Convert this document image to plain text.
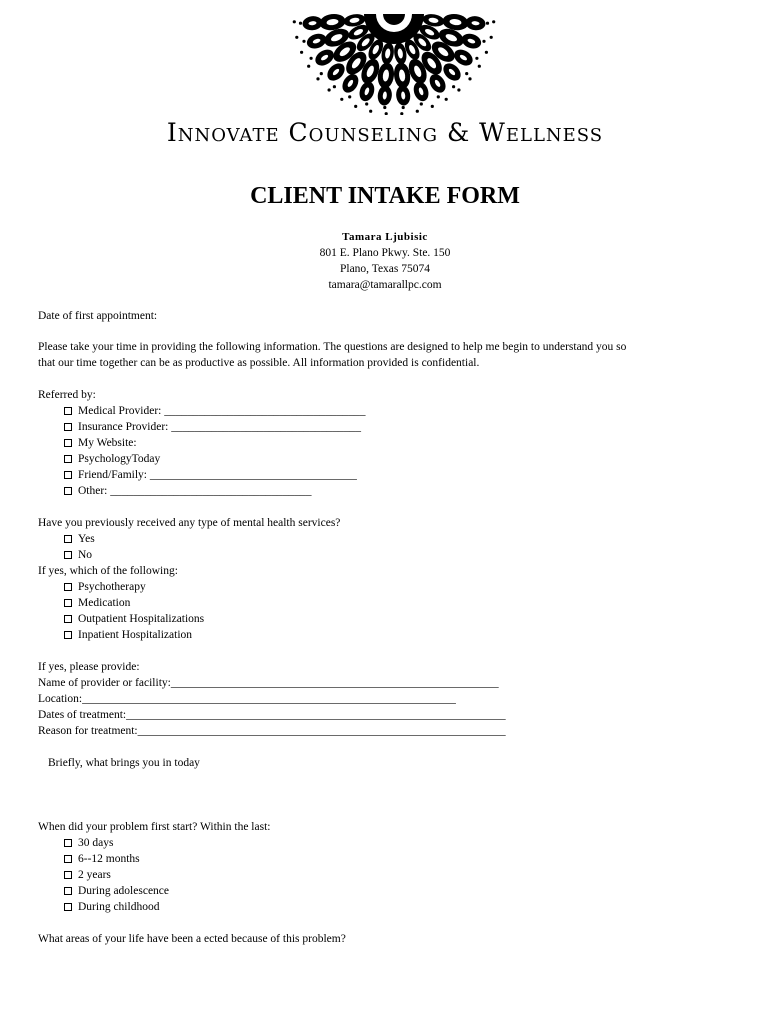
Innovate Counseling & Wellness
CLIENT INTAKE FORM
Tamara Ljubisic
801 E. Plano Pkwy. Ste. 150
Plano, Texas 75074
tamara@tamarallpc.com
Date of first appointment:
Please take your time in providing the following information. The questions are designed to help me begin to understand you so
that our time together can be as productive as possible. All information provided is confidential.
Referred by:
Medical Provider: ___________________________________
Insurance Provider: _________________________________
My Website:
PsychologyToday
Friend/Family: ____________________________________
Other: ___________________________________
Have you previously received any type of mental health services?
Yes
No
If yes, which of the following:
Psychotherapy
Medication
Outpatient Hospitalizations
Inpatient Hospitalization
If yes, please provide:
Name of provider or facility:_________________________________________________________
Location:_________________________________________________________________
Dates of treatment:__________________________________________________________________
Reason for treatment:________________________________________________________________
Briefly, what brings you in today
When did your problem first start? Within the last:
30 days
6--12 months
2 years
During adolescence
During childhood
What areas of your life have been a ected because of this problem?
